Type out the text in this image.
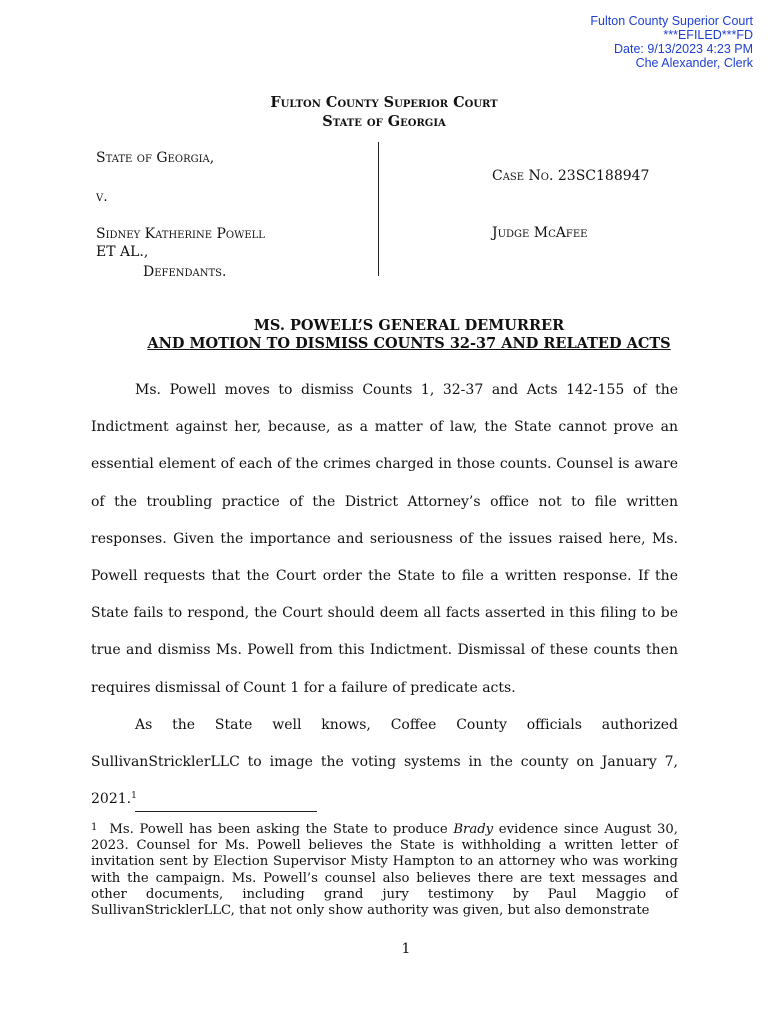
Fulton County Superior Court
***EFILED***FD
Date: 9/13/2023 4:23 PM
Che Alexander, Clerk
Fulton County Superior Court
State of Georgia
State of Georgia,
v.
Sidney Katherine Powell
ET AL.,
Defendants.
Case No. 23SC188947
Judge McAfee
MS. POWELL’S GENERAL DEMURRER
AND MOTION TO DISMISS COUNTS 32-37 AND RELATED ACTS

Ms. Powell moves to dismiss Counts 1, 32-37 and Acts 142-155 of the Indictment against her, because, as a matter of law, the State cannot prove an essential element of each of the crimes charged in those counts. Counsel is aware of the troubling practice of the District Attorney’s office not to file written responses. Given the importance and seriousness of the issues raised here, Ms. Powell requests that the Court order the State to file a written response. If the State fails to respond, the Court should deem all facts asserted in this filing to be true and dismiss Ms. Powell from this Indictment. Dismissal of these counts then requires dismissal of Count 1 for a failure of predicate acts.

As the State well knows, Coffee County officials authorized SullivanStricklerLLC to image the voting systems in the county on January 7, 2021.$^1$

$^1$ Ms. Powell has been asking the State to produce Brady evidence since August 30, 2023. Counsel for Ms. Powell believes the State is withholding a written letter of invitation sent by Election Supervisor Misty Hampton to an attorney who was working with the campaign. Ms. Powell’s counsel also believes there are text messages and other documents, including grand jury testimony by Paul Maggio of SullivanStricklerLLC, that not only show authority was given, but also demonstrate

1
